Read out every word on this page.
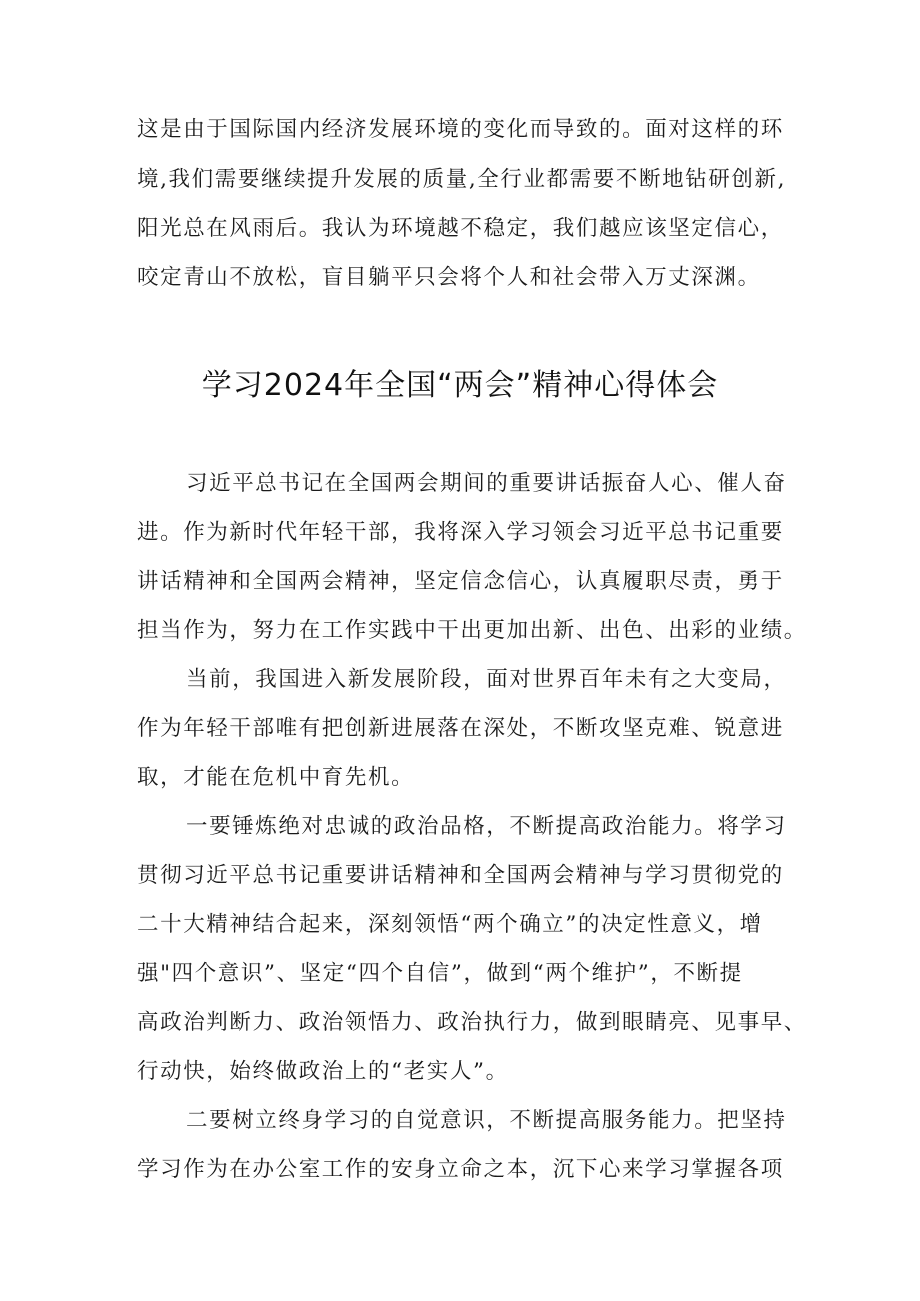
这是由于国际国内经济发展环境的变化而导致的。面对这样的环

境,我们需要继续提升发展的质量,全行业都需要不断地钻研创新,

阳光总在风雨后。我认为环境越不稳定，我们越应该坚定信心，

咬定青山不放松，盲目躺平只会将个人和社会带入万丈深渊。

学习2024年全国“两会”精神心得体会

习近平总书记在全国两会期间的重要讲话振奋人心、催人奋

进。作为新时代年轻干部，我将深入学习领会习近平总书记重要

讲话精神和全国两会精神，坚定信念信心，认真履职尽责，勇于

担当作为，努力在工作实践中干出更加出新、出色、出彩的业绩。

当前，我国进入新发展阶段，面对世界百年未有之大变局，

作为年轻干部唯有把创新进展落在深处，不断攻坚克难、锐意进

取，才能在危机中育先机。

一要锤炼绝对忠诚的政治品格，不断提高政治能力。将学习

贯彻习近平总书记重要讲话精神和全国两会精神与学习贯彻党的

二十大精神结合起来，深刻领悟“两个确立”的决定性意义，增

强"四个意识”、坚定“四个自信”，做到“两个维护”，不断提

高政治判断力、政治领悟力、政治执行力，做到眼睛亮、见事早、

行动快，始终做政治上的“老实人”。

二要树立终身学习的自觉意识，不断提高服务能力。把坚持

学习作为在办公室工作的安身立命之本，沉下心来学习掌握各项
